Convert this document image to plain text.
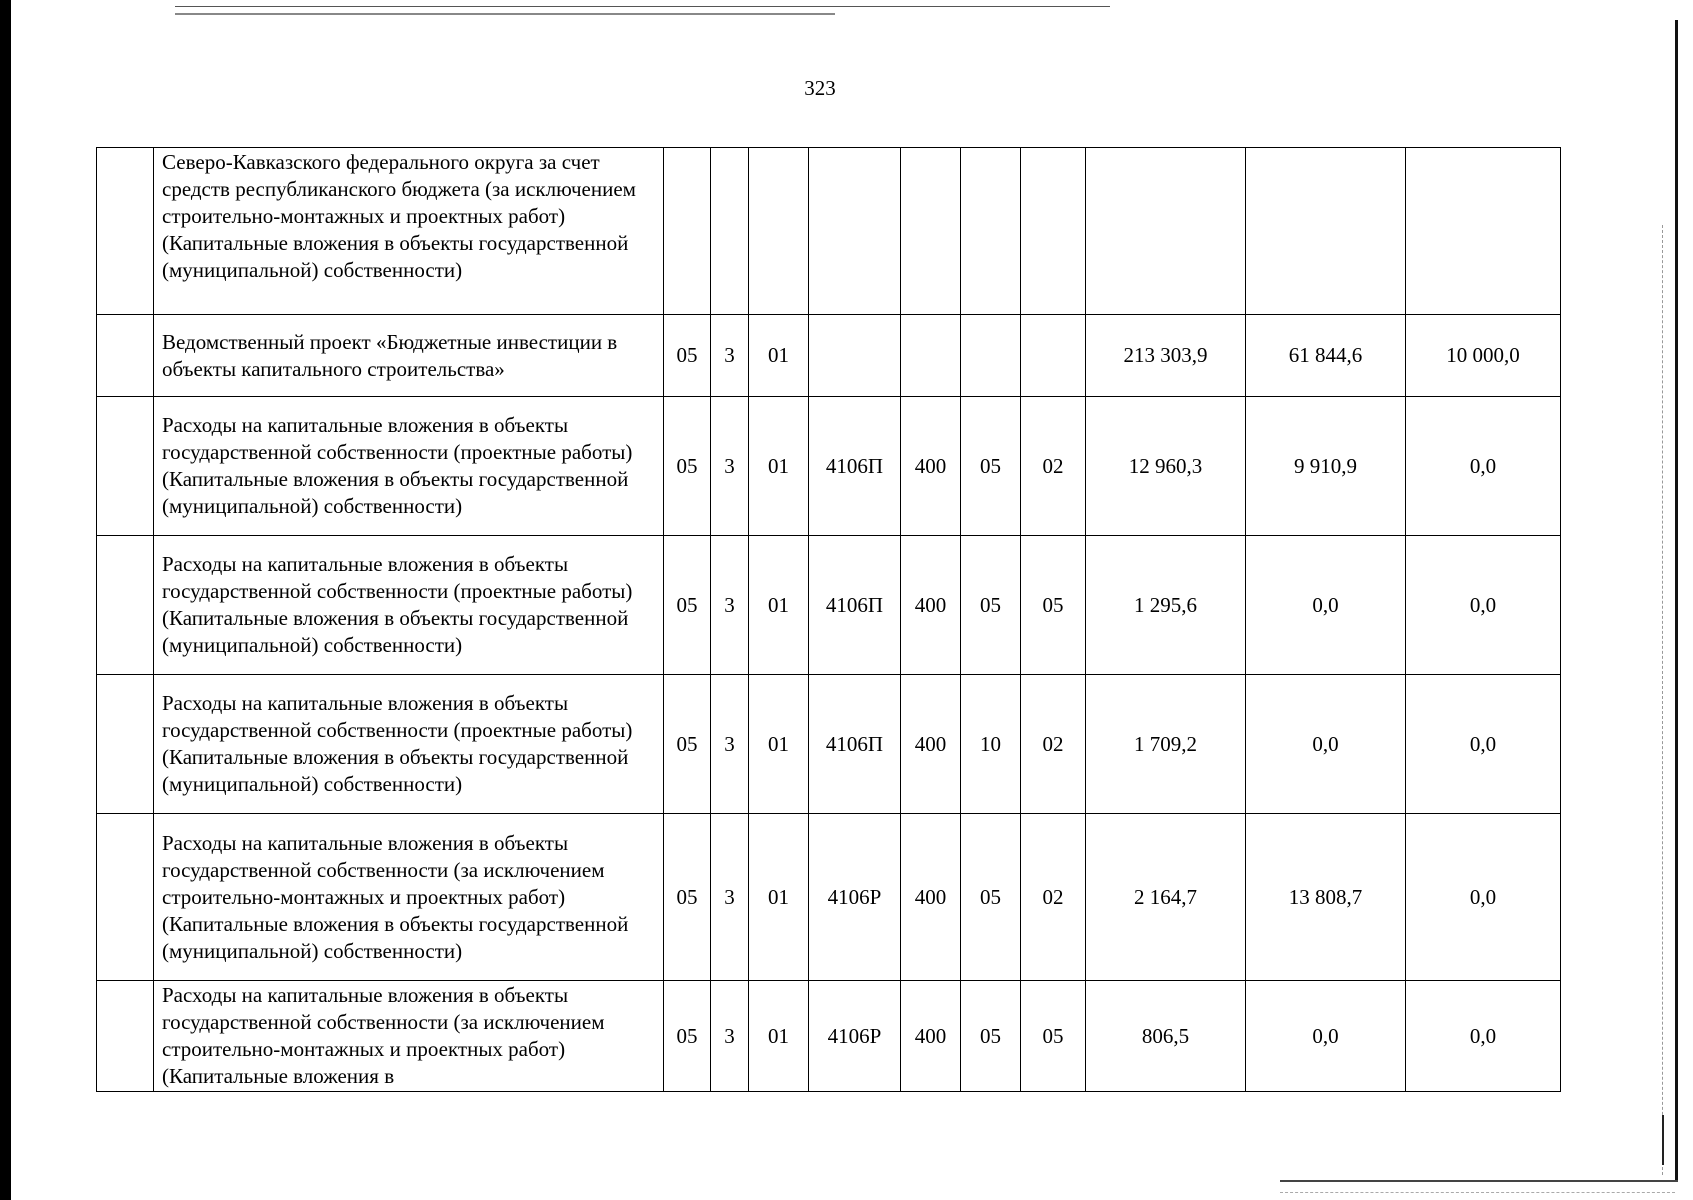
323
	Северо-Кавказского федерального округа за счет средств республиканского бюджета (за исключением строительно-монтажных и проектных работ) (Капитальные вложения в объекты государственной (муниципальной) собственности)										
	Ведомственный проект «Бюджетные инвестиции в объекты капитального строительства»	05	3	01					213 303,9	61 844,6	10 000,0
	Расходы на капитальные вложения в объекты государственной собственности (проектные работы) (Капитальные вложения в объекты государственной (муниципальной) собственности)	05	3	01	4106П	400	05	02	12 960,3	9 910,9	0,0
	Расходы на капитальные вложения в объекты государственной собственности (проектные работы) (Капитальные вложения в объекты государственной (муниципальной) собственности)	05	3	01	4106П	400	05	05	1 295,6	0,0	0,0
	Расходы на капитальные вложения в объекты государственной собственности (проектные работы) (Капитальные вложения в объекты государственной (муниципальной) собственности)	05	3	01	4106П	400	10	02	1 709,2	0,0	0,0
	Расходы на капитальные вложения в объекты государственной собственности (за исключением строительно-монтажных и проектных работ) (Капитальные вложения в объекты государственной (муниципальной) собственности)	05	3	01	4106Р	400	05	02	2 164,7	13 808,7	0,0
	Расходы на капитальные вложения в объекты государственной собственности (за исключением строительно-монтажных и проектных работ) (Капитальные вложения в	05	3	01	4106Р	400	05	05	806,5	0,0	0,0
